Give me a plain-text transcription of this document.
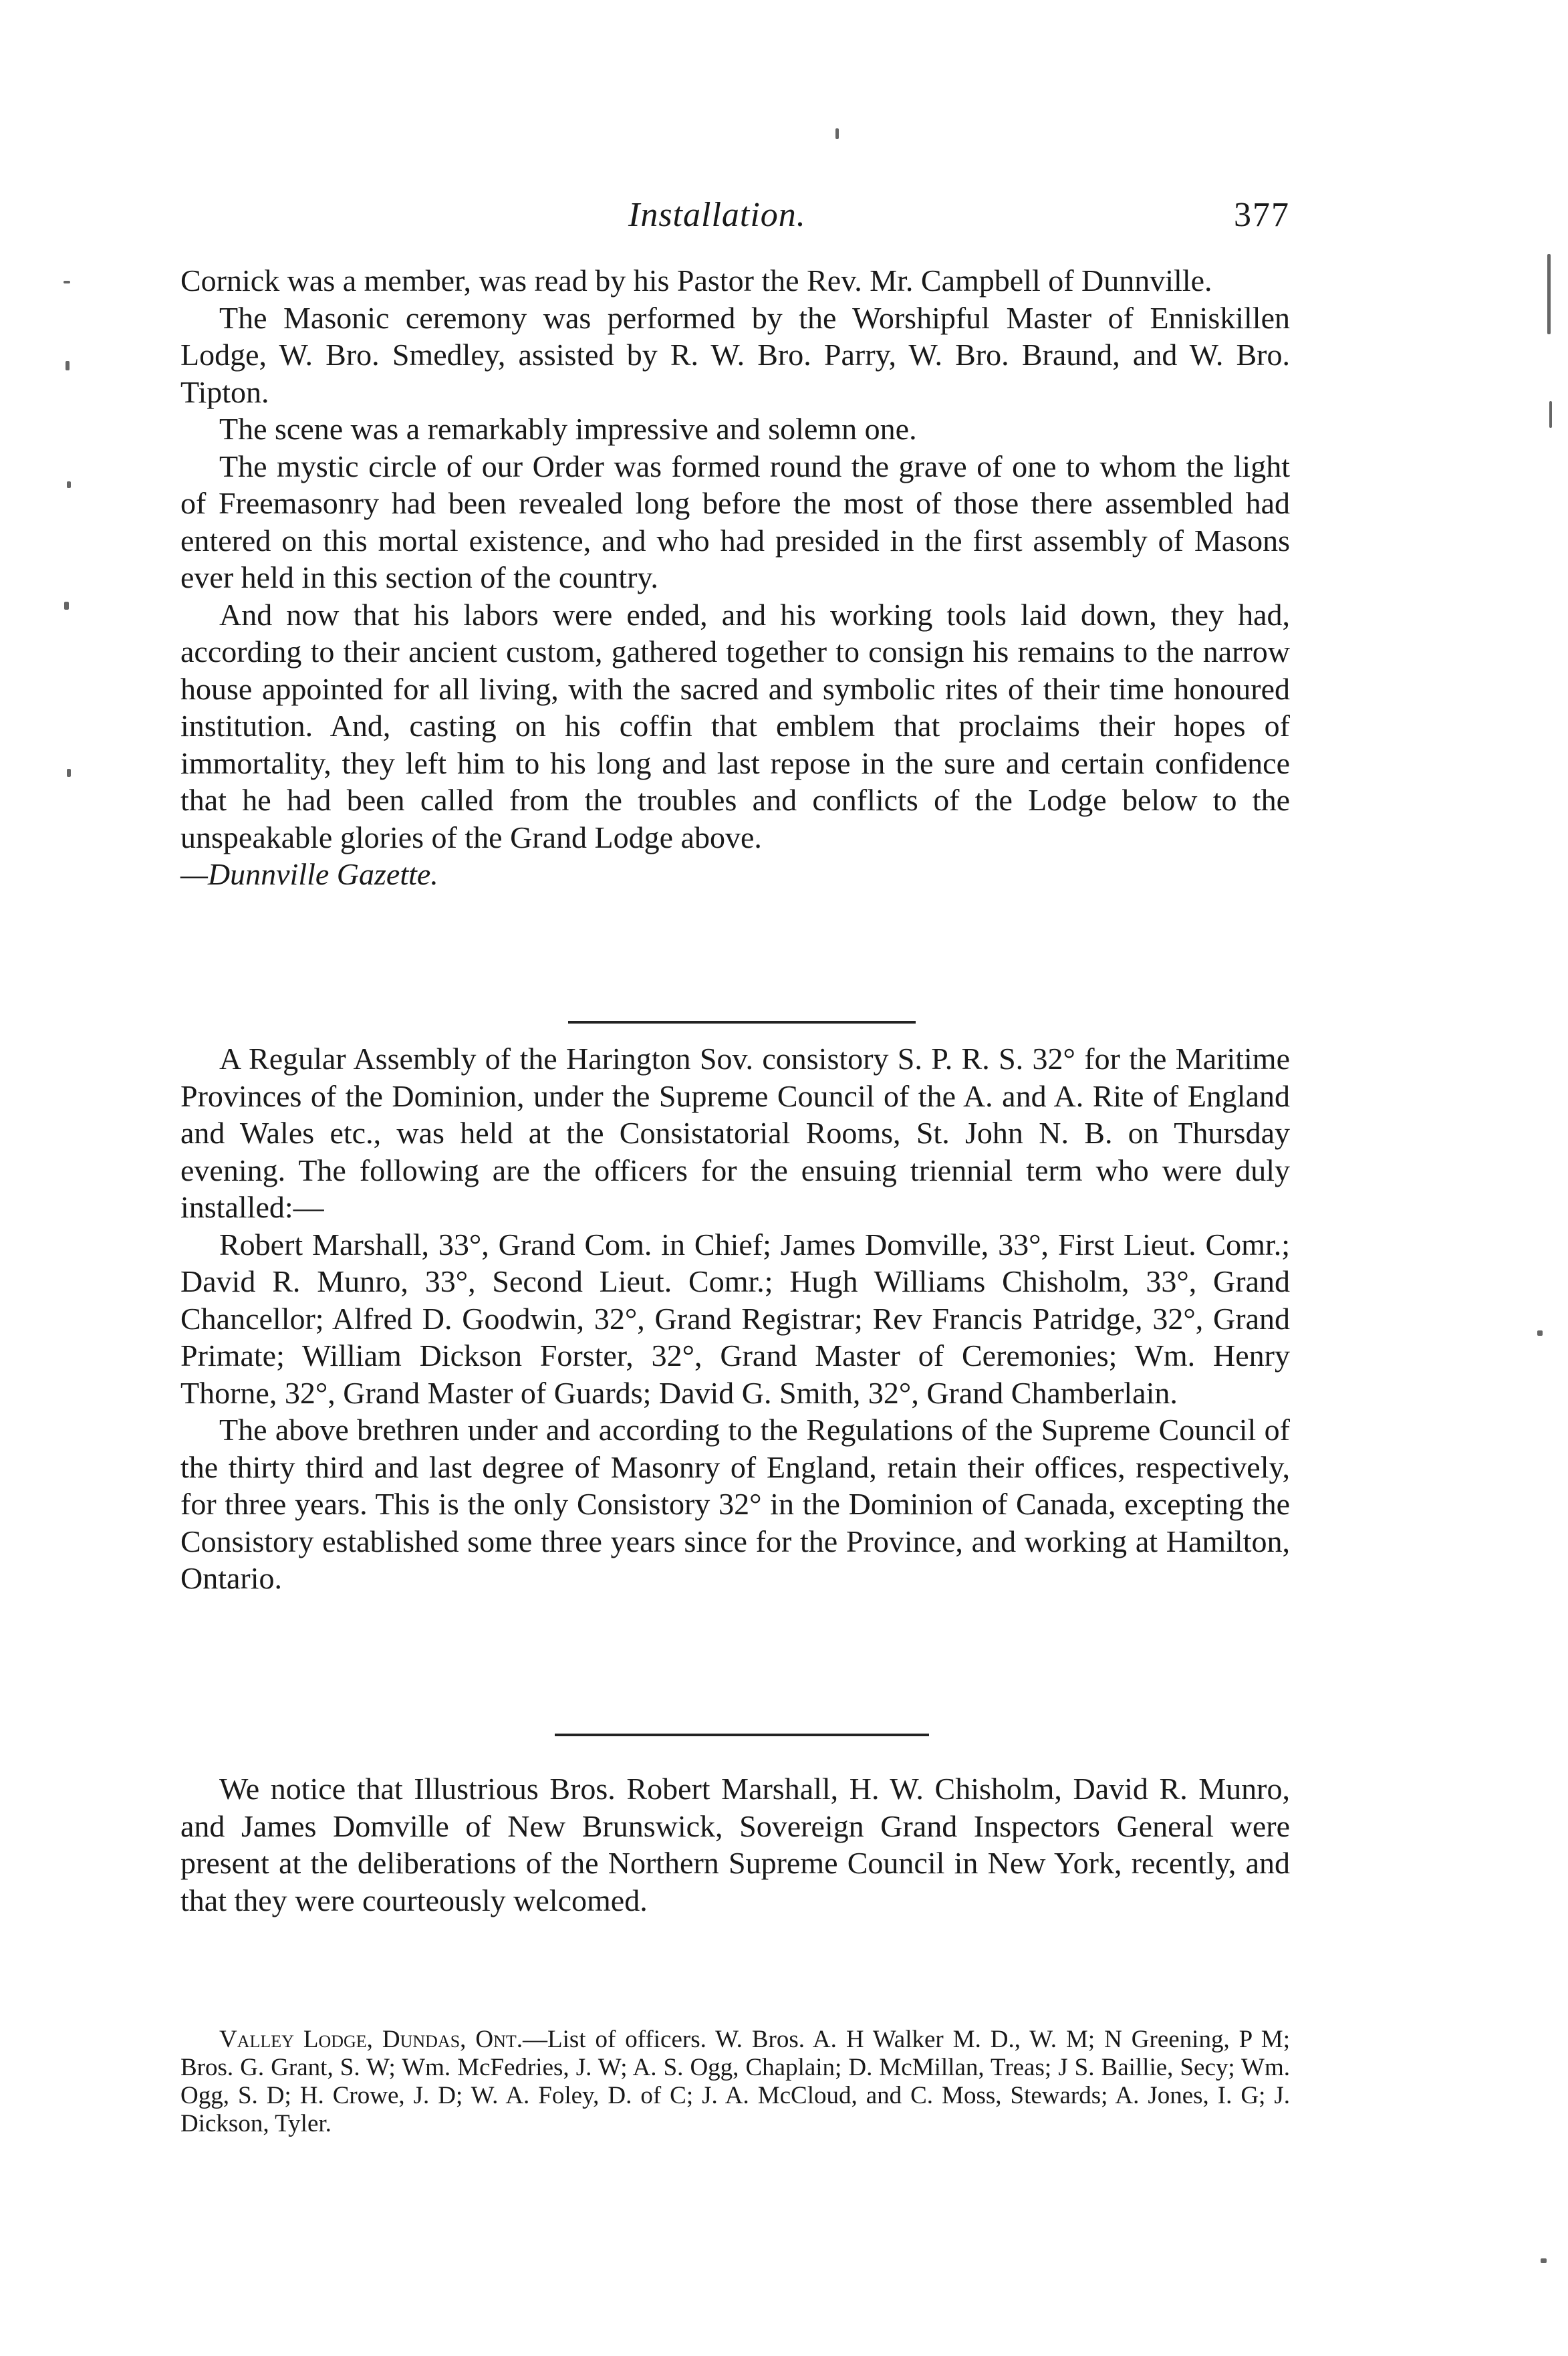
Installation.	377

Cornick was a member, was read by his Pastor the Rev. Mr. Campbell of Dunnville.

The Masonic ceremony was performed by the Worshipful Master of Enniskillen Lodge, W. Bro. Smedley, assisted by R. W. Bro. Parry, W. Bro. Braund, and W. Bro. Tipton.

The scene was a remarkably impressive and solemn one.

The mystic circle of our Order was formed round the grave of one to whom the light of Freemasonry had been revealed long before the most of those there assembled had entered on this mortal existence, and who had presided in the first assembly of Masons ever held in this section of the country.

And now that his labors were ended, and his working tools laid down, they had, according to their ancient custom, gathered together to consign his remains to the narrow house appointed for all living, with the sacred and symbolic rites of their time honoured institution. And, casting on his coffin that emblem that proclaims their hopes of immortality, they left him to his long and last repose in the sure and certain confidence that he had been called from the troubles and conflicts of the Lodge below to the unspeakable glories of the Grand Lodge above.

—Dunnville Gazette.

A Regular Assembly of the Harington Sov. consistory S. P. R. S. 32° for the Maritime Provinces of the Dominion, under the Supreme Council of the A. and A. Rite of England and Wales etc., was held at the Consistatorial Rooms, St. John N. B. on Thursday evening. The following are the officers for the ensuing triennial term who were duly installed:—

Robert Marshall, 33°, Grand Com. in Chief; James Domville, 33°, First Lieut. Comr.; David R. Munro, 33°, Second Lieut. Comr.; Hugh Williams Chisholm, 33°, Grand Chancellor; Alfred D. Goodwin, 32°, Grand Registrar; Rev Francis Patridge, 32°, Grand Primate; William Dickson Forster, 32°, Grand Master of Ceremonies; Wm. Henry Thorne, 32°, Grand Master of Guards; David G. Smith, 32°, Grand Chamberlain.

The above brethren under and according to the Regulations of the Supreme Council of the thirty third and last degree of Masonry of England, retain their offices, respectively, for three years. This is the only Consistory 32° in the Dominion of Canada, excepting the Consistory established some three years since for the Province, and working at Hamilton, Ontario.

We notice that Illustrious Bros. Robert Marshall, H. W. Chisholm, David R. Munro, and James Domville of New Brunswick, Sovereign Grand Inspectors General were present at the deliberations of the Northern Supreme Council in New York, recently, and that they were courteously welcomed.

Valley Lodge, Dundas, Ont.—List of officers. W. Bros. A. H Walker M. D., W. M; N Greening, P M; Bros. G. Grant, S. W; Wm. McFedries, J. W; A. S. Ogg, Chaplain; D. McMillan, Treas; J S. Baillie, Secy; Wm. Ogg, S. D; H. Crowe, J. D; W. A. Foley, D. of C; J. A. McCloud, and C. Moss, Stewards; A. Jones, I. G; J. Dickson, Tyler.
